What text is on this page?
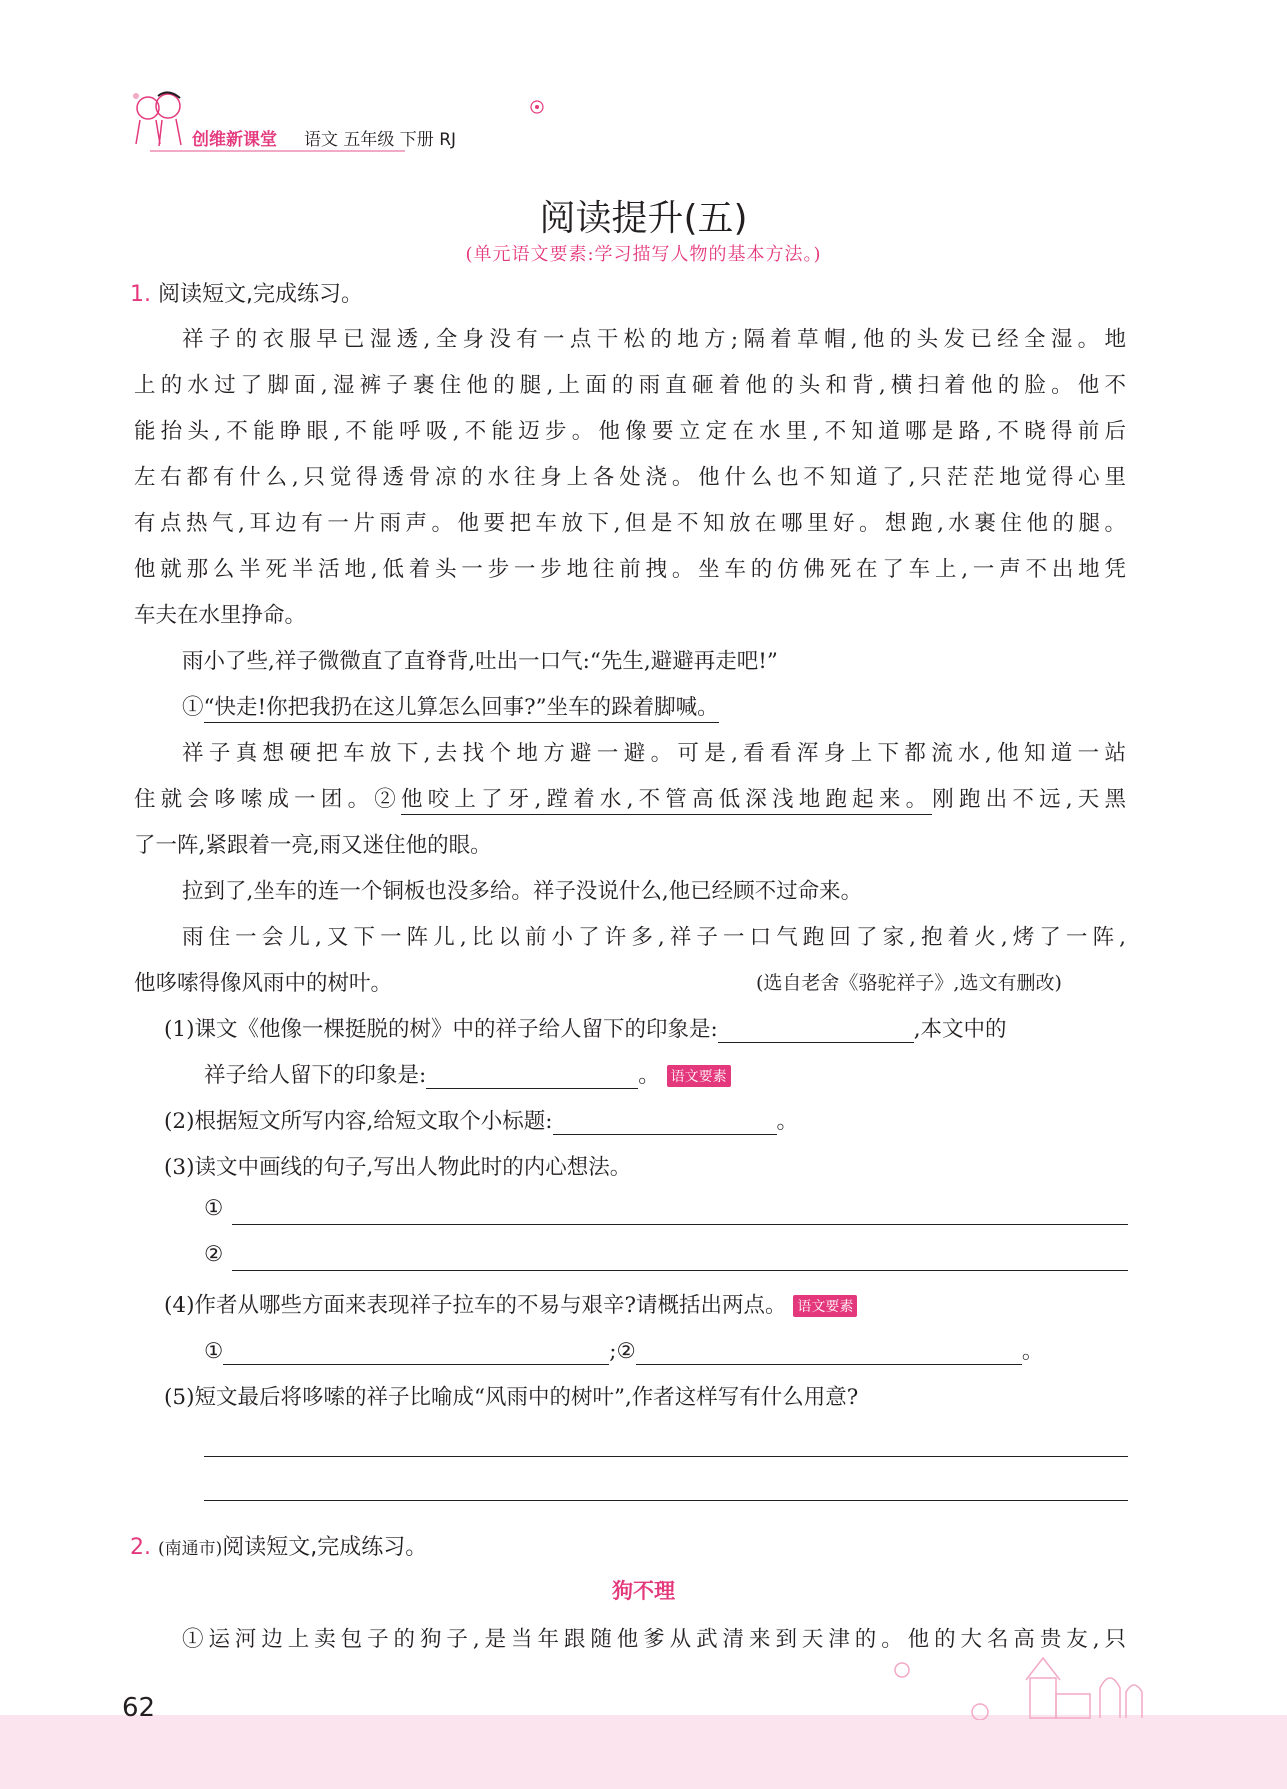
创维新课堂 语文 五年级 下册 RJ
阅读提升(五)
(单元语文要素:学习描写人物的基本方法。)
1. 阅读短文,完成练习。
祥子的衣服早已湿透,全身没有一点干松的地方;隔着草帽,他的头发已经全湿。地
上的水过了脚面,湿裤子裹住他的腿,上面的雨直砸着他的头和背,横扫着他的脸。他不
能抬头,不能睁眼,不能呼吸,不能迈步。他像要立定在水里,不知道哪是路,不晓得前后
左右都有什么,只觉得透骨凉的水往身上各处浇。他什么也不知道了,只茫茫地觉得心里
有点热气,耳边有一片雨声。他要把车放下,但是不知放在哪里好。想跑,水裹住他的腿。
他就那么半死半活地,低着头一步一步地往前拽。坐车的仿佛死在了车上,一声不出地凭
车夫在水里挣命。
雨小了些,祥子微微直了直脊背,吐出一口气:“先生,避避再走吧!”
①“快走!你把我扔在这儿算怎么回事?”坐车的跺着脚喊。
祥子真想硬把车放下,去找个地方避一避。可是,看看浑身上下都流水,他知道一站
住就会哆嗦成一团。②他咬上了牙,蹚着水,不管高低深浅地跑起来。刚跑出不远,天黑
了一阵,紧跟着一亮,雨又迷住他的眼。
拉到了,坐车的连一个铜板也没多给。祥子没说什么,他已经顾不过命来。
雨住一会儿,又下一阵儿,比以前小了许多,祥子一口气跑回了家,抱着火,烤了一阵,
他哆嗦得像风雨中的树叶。	(选自老舍《骆驼祥子》,选文有删改)
(1)课文《他像一棵挺脱的树》中的祥子给人留下的印象是:	,本文中的
祥子给人留下的印象是:	。 语文要素
(2)根据短文所写内容,给短文取个小标题:	。
(3)读文中画线的句子,写出人物此时的内心想法。
①
②
(4)作者从哪些方面来表现祥子拉车的不易与艰辛?请概括出两点。 语文要素
①	;②	。
(5)短文最后将哆嗦的祥子比喻成“风雨中的树叶”,作者这样写有什么用意?
2. (南通市)阅读短文,完成练习。
狗不理
①运河边上卖包子的狗子,是当年跟随他爹从武清来到天津的。他的大名高贵友,只
62
